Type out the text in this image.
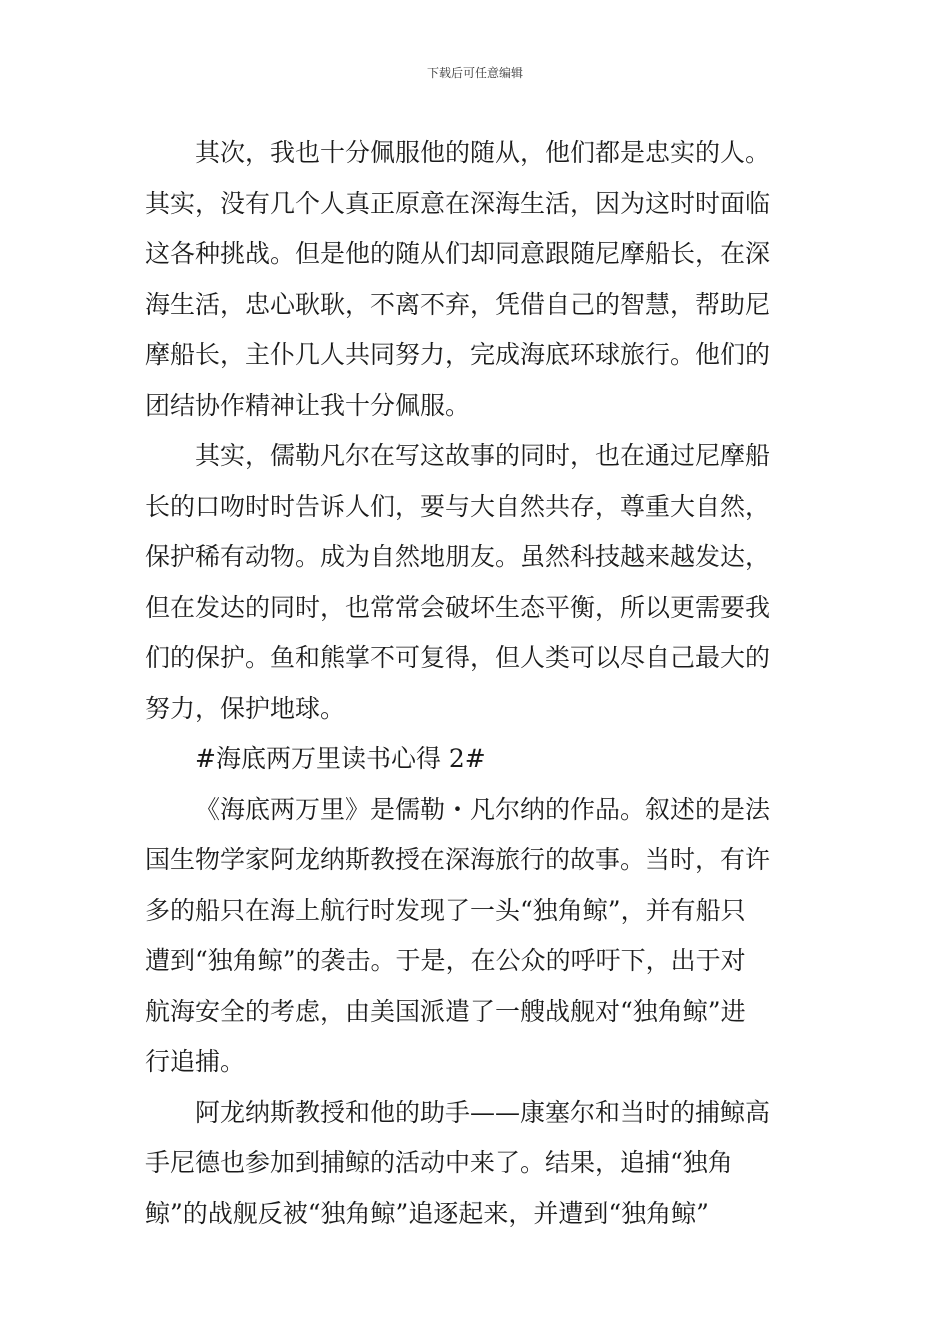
下载后可任意编辑
其次，我也十分佩服他的随从，他们都是忠实的人。
其实，没有几个人真正原意在深海生活，因为这时时面临
这各种挑战。但是他的随从们却同意跟随尼摩船长，在深
海生活，忠心耿耿，不离不弃，凭借自己的智慧，帮助尼
摩船长，主仆几人共同努力，完成海底环球旅行。他们的
团结协作精神让我十分佩服。
其实，儒勒凡尔在写这故事的同时，也在通过尼摩船
长的口吻时时告诉人们，要与大自然共存，尊重大自然，
保护稀有动物。成为自然地朋友。虽然科技越来越发达，
但在发达的同时，也常常会破坏生态平衡，所以更需要我
们的保护。鱼和熊掌不可复得，但人类可以尽自己最大的
努力，保护地球。
#海底两万里读书心得 2#
《海底两万里》是儒勒・凡尔纳的作品。叙述的是法
国生物学家阿龙纳斯教授在深海旅行的故事。当时，有许
多的船只在海上航行时发现了一头“独角鲸”，并有船只
遭到“独角鲸”的袭击。于是，在公众的呼吁下，出于对
航海安全的考虑，由美国派遣了一艘战舰对“独角鲸”进
行追捕。
阿龙纳斯教授和他的助手——康塞尔和当时的捕鲸高
手尼德也参加到捕鲸的活动中来了。结果，追捕“独角
鲸”的战舰反被“独角鲸”追逐起来，并遭到“独角鲸”
